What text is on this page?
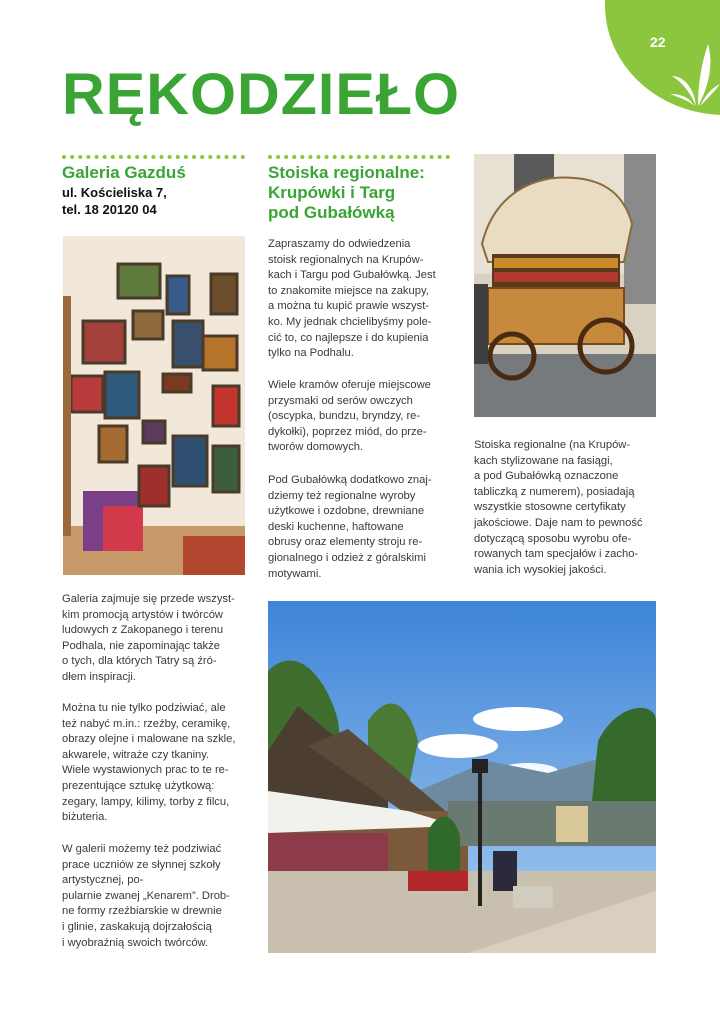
22
RĘKODZIEŁO
Galeria Gazduś
ul. Kościeliska 7,
tel. 18 20120 04
Galeria zajmuje się przede wszyst-
kim promocją artystów i twórców
ludowych z Zakopanego i terenu
Podhala, nie zapominając także
o tych, dla których Tatry są źró-
dłem inspiracji.
Można tu nie tylko podziwiać, ale
też nabyć m.in.: rzeźby, ceramikę,
obrazy olejne i malowane na szkle,
akwarele, witraże czy tkaniny.
Wiele wystawionych prac to te re-
prezentujące sztukę użytkową:
zegary, lampy, kilimy, torby z filcu,
biżuteria.
W galerii możemy też podziwiać
prace uczniów ze słynnej szkoły artystycznej, po-
pularnie zwanej „Kenarem”. Drob-
ne formy rzeźbiarskie w drewnie
i glinie, zaskakują dojrzałością
i wyobraźnią swoich twórców.
Stoiska regionalne:
Krupówki i Targ
pod Gubałówką
Zapraszamy do odwiedzenia
stoisk regionalnych na Krupów-
kach i Targu pod Gubałówką. Jest
to znakomite miejsce na zakupy,
a można tu kupić prawie wszyst-
ko. My jednak chcielibyśmy pole-
cić to, co najlepsze i do kupienia
tylko na Podhalu.
Wiele kramów oferuje miejscowe
przysmaki od serów owczych
(oscypka, bundzu, bryndzy, re-
dykołki), poprzez miód, do prze-
tworów domowych.
Pod Gubałówką dodatkowo znaj-
dziemy też regionalne wyroby
użytkowe i ozdobne, drewniane
deski kuchenne, haftowane
obrusy oraz elementy stroju re-
gionalnego i odzież z góralskimi
motywami.
Stoiska regionalne (na Krupów-
kach stylizowane na fasiągi,
a pod Gubałówką oznaczone
tabliczką z numerem), posiadają
wszystkie stosowne certyfikaty
jakościowe. Daje nam to pewność
dotyczącą sposobu wyrobu ofe-
rowanych tam specjałów i zacho-
wania ich wysokiej jakości.
